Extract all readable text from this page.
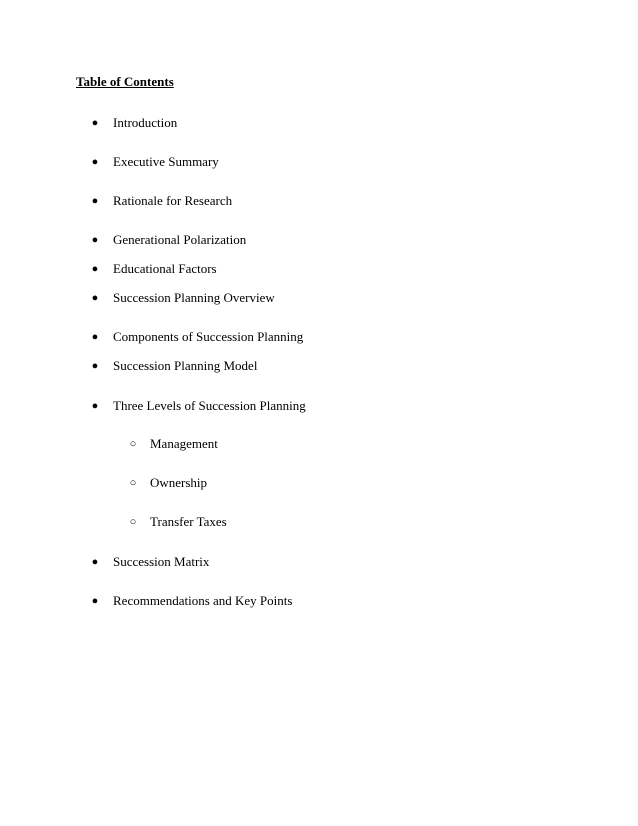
Table of Contents
●	Introduction
●	Executive Summary
●	Rationale for Research
●	Generational Polarization
●	Educational Factors
●	Succession Planning Overview
●	Components of Succession Planning
●	Succession Planning Model
●	Three Levels of Succession Planning
○	Management
○	Ownership
○	Transfer Taxes
●	Succession Matrix
●	Recommendations and Key Points
